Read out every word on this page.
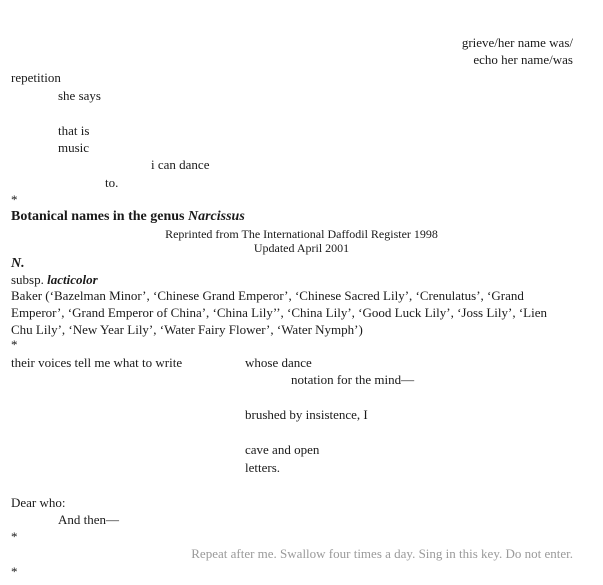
grieve/her name was/
echo her name/was
repetition
she says
that is
music
i can dance
to.
*
Botanical names in the genus Narcissus
Reprinted from The International Daffodil Register 1998
Updated April 2001
N.
subsp. lacticolor
Baker (‘Bazelman Minor’, ‘Chinese Grand Emperor’, ‘Chinese Sacred Lily’, ‘Crenulatus’, ‘Grand Emperor’, ‘Grand Emperor of China’, ‘China Lily’’, ‘China Lily’, ‘Good Luck Lily’, ‘Joss Lily’, ‘Lien Chu Lily’, ‘New Year Lily’, ‘Water Fairy Flower’, ‘Water Nymph’)
*
their voices tell me what to write	whose dance
notation for the mind—
brushed by insistence, I
cave and open
letters.
Dear who:
And then—
*
Repeat after me. Swallow four times a day. Sing in this key. Do not enter.
*
